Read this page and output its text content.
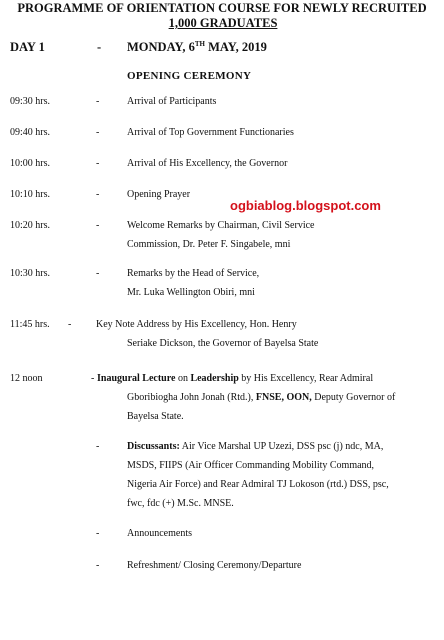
PROGRAMME OF ORIENTATION COURSE FOR NEWLY RECRUITED
1,000 GRADUATES
DAY 1	- MONDAY, 6TH MAY, 2019
OPENING CEREMONY
ogbiablog.blogspot.com
09:30 hrs.	-	Arrival of Participants
09:40 hrs.	-	Arrival of Top Government Functionaries
10:00 hrs.	-	Arrival of His Excellency, the Governor
10:10 hrs.	-	Opening Prayer
10:20 hrs.	-	Welcome Remarks by Chairman, Civil Service
Commission, Dr. Peter F. Singabele, mni
10:30 hrs.	-	Remarks by the Head of Service,
Mr. Luka Wellington Obiri, mni
11:45 hrs. - Key Note Address by His Excellency, Hon. Henry
Seriake Dickson, the Governor of Bayelsa State
12 noon	- Inaugural Lecture on Leadership by His Excellency, Rear Admiral
Gboribiogha John Jonah (Rtd.), FNSE, OON, Deputy Governor of
Bayelsa State.
-	Discussants: Air Vice Marshal UP Uzezi, DSS psc (j) ndc, MA,
MSDS, FIIPS (Air Officer Commanding Mobility Command,
Nigeria Air Force) and Rear Admiral TJ Lokoson (rtd.) DSS, psc,
fwc, fdc (+) M.Sc. MNSE.
-	Announcements
-	Refreshment/ Closing Ceremony/Departure
